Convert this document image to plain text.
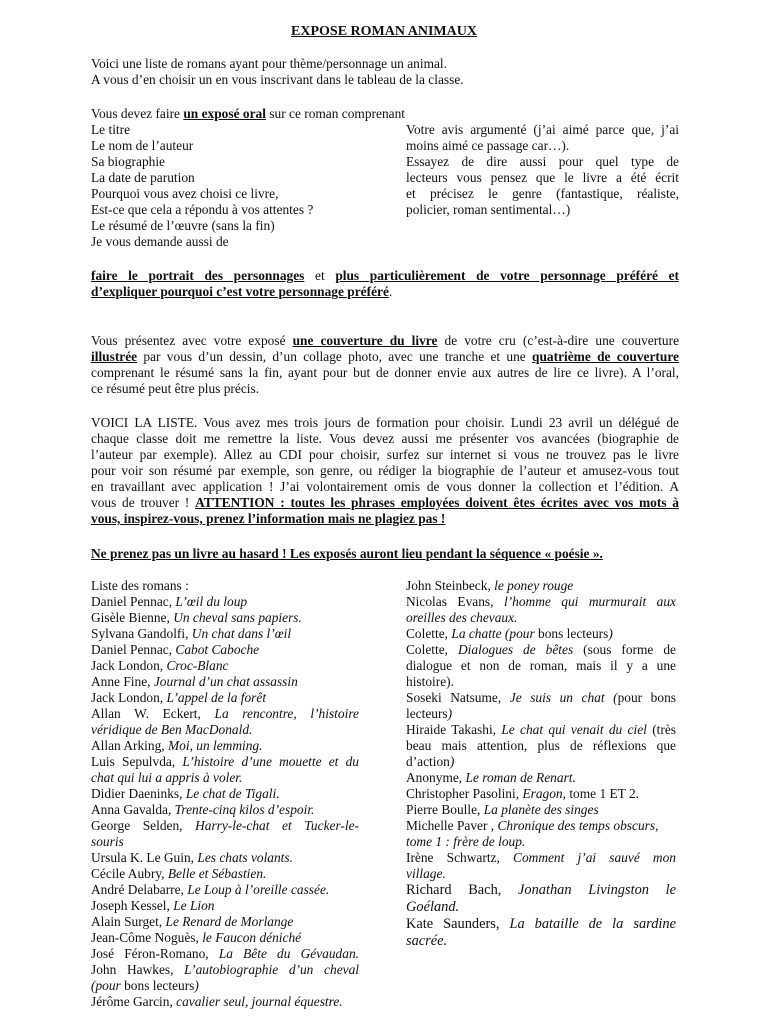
EXPOSE ROMAN ANIMAUX
Voici une liste de romans ayant pour thème/personnage un animal.
A vous d’en choisir un en vous inscrivant dans le tableau de la classe.
Vous devez faire un exposé oral sur ce roman comprenant
Le titre
Le nom de l’auteur
Sa biographie
La date de parution
Pourquoi vous avez choisi ce livre,
Est-ce que cela a répondu à vos attentes ?
Le résumé de l’œuvre (sans la fin)
Je vous demande aussi de
Votre avis argumenté (j’ai aimé parce que, j’ai
moins aimé ce passage car…).
Essayez de dire aussi pour quel type de
lecteurs vous pensez que le livre a été écrit
et précisez le genre (fantastique, réaliste,
policier, roman sentimental…)
faire le portrait des personnages et plus particulièrement de votre personnage préféré et
d’expliquer pourquoi c’est votre personnage préféré.
Vous présentez avec votre exposé une couverture du livre de votre cru (c’est-à-dire une couverture
illustrée par vous d’un dessin, d’un collage photo, avec une tranche et une quatrième de couverture
comprenant le résumé sans la fin, ayant pour but de donner envie aux autres de lire ce livre). A l’oral,
ce résumé peut être plus précis.
VOICI LA LISTE. Vous avez mes trois jours de formation pour choisir. Lundi 23 avril un délégué de
chaque classe doit me remettre la liste. Vous devez aussi me présenter vos avancées (biographie de
l’auteur par exemple). Allez au CDI pour choisir, surfez sur internet si vous ne trouvez pas le livre
pour voir son résumé par exemple, son genre, ou rédiger la biographie de l’auteur et amusez-vous tout
en travaillant avec application ! J’ai volontairement omis de vous donner la collection et l’édition. A
vous de trouver ! ATTENTION : toutes les phrases employées doivent êtes écrites avec vos mots à
vous, inspirez-vous, prenez l’information mais ne plagiez pas !
Ne prenez pas un livre au hasard ! Les exposés auront lieu pendant la séquence « poésie ».
Liste des romans :
Daniel Pennac, L’œil du loup
Gisèle Bienne, Un cheval sans papiers.
Sylvana Gandolfi, Un chat dans l’œil
Daniel Pennac, Cabot Caboche
Jack London, Croc-Blanc
Anne Fine, Journal d’un chat assassin
Jack London, L’appel de la forêt
Allan W. Eckert, La rencontre, l’histoire
véridique de Ben MacDonald.
Allan Arking, Moi, un lemming.
Luis Sepulvda, L’histoire d’une mouette et du
chat qui lui a appris à voler.
Didier Daeninks, Le chat de Tigali.
Anna Gavalda, Trente-cinq kilos d’espoir.
George Selden, Harry-le-chat et Tucker-le-
souris
Ursula K. Le Guin, Les chats volants.
Cécile Aubry, Belle et Sébastien.
André Delabarre, Le Loup à l’oreille cassée.
Joseph Kessel, Le Lion
Alain Surget, Le Renard de Morlange
Jean-Côme Noguès, le Faucon déniché
José Féron-Romano, La Bête du Gévaudan.
John Hawkes, L’autobiographie d’un cheval
(pour bons lecteurs)
Jérôme Garcin, cavalier seul, journal équestre.
John Steinbeck, le poney rouge
Nicolas Evans, l’homme qui murmurait aux
oreilles des chevaux.
Colette, La chatte (pour bons lecteurs)
Colette, Dialogues de bêtes (sous forme de
dialogue et non de roman, mais il y a une
histoire).
Soseki Natsume, Je suis un chat (pour bons
lecteurs)
Hiraide Takashi, Le chat qui venait du ciel (très
beau mais attention, plus de réflexions que
d’action)
Anonyme, Le roman de Renart.
Christopher Pasolini, Eragon, tome 1 ET 2.
Pierre Boulle, La planète des singes
Michelle Paver , Chronique des temps obscurs,
tome 1 : frère de loup.
Irène Schwartz, Comment j’ai sauvé mon
village.
Richard Bach, Jonathan Livingston le
Goéland.
Kate Saunders, La bataille de la sardine
sacrée.
